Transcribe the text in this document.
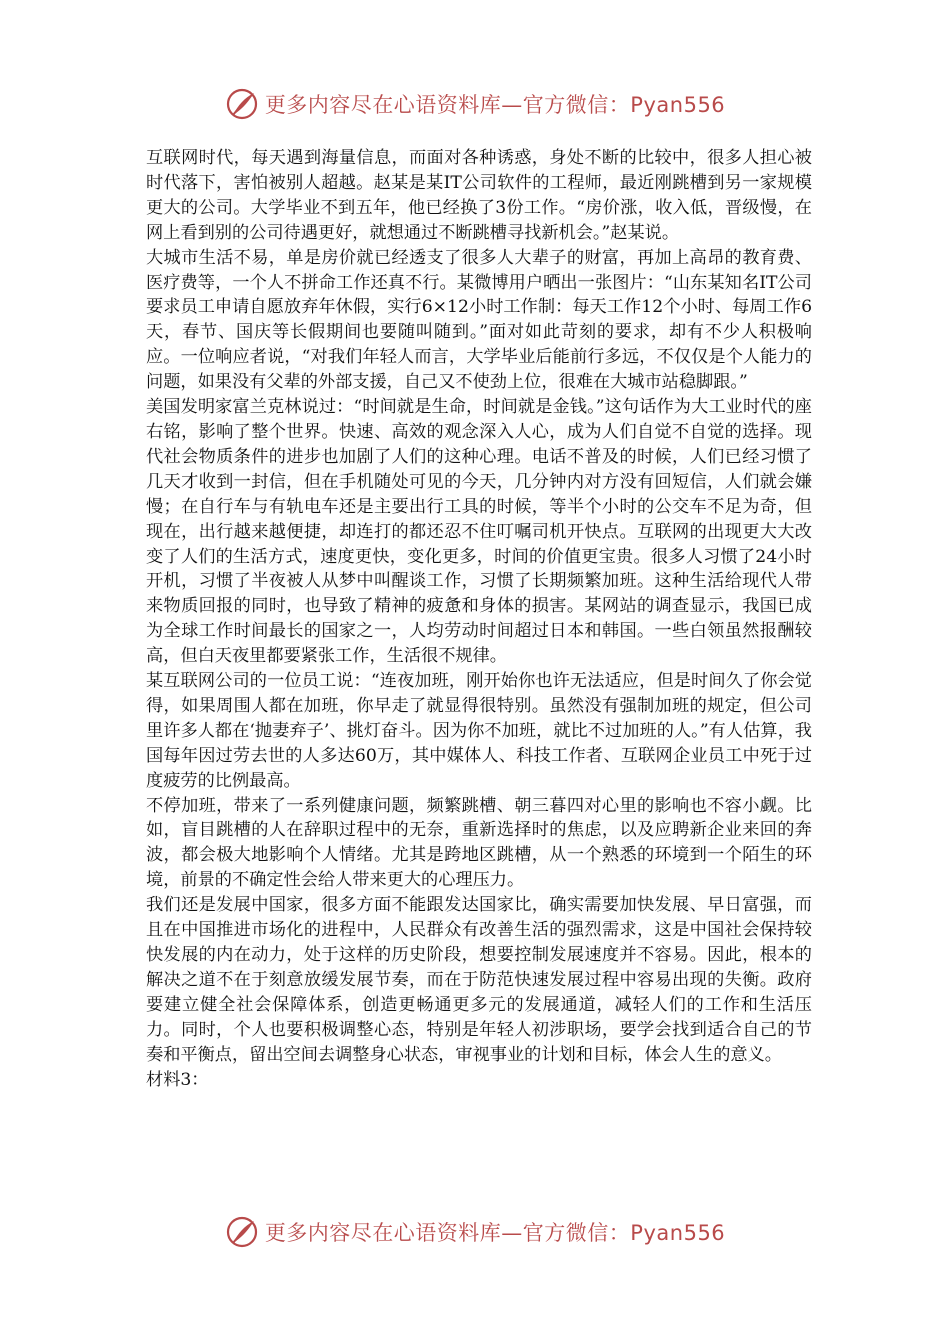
更多内容尽在心语资料库—官方微信：Pyan556

互联网时代，每天遇到海量信息，而面对各种诱惑，身处不断的比较中，很多人担心被时代落下，害怕被别人超越。赵某是某IT公司软件的工程师，最近刚跳槽到另一家规模更大的公司。大学毕业不到五年，他已经换了3份工作。“房价涨，收入低，晋级慢，在网上看到别的公司待遇更好，就想通过不断跳槽寻找新机会。”赵某说。

大城市生活不易，单是房价就已经透支了很多人大辈子的财富，再加上高昂的教育费、医疗费等，一个人不拼命工作还真不行。某微博用户晒出一张图片：“山东某知名IT公司要求员工申请自愿放弃年休假，实行6×12小时工作制：每天工作12个小时、每周工作6天，春节、国庆等长假期间也要随叫随到。”面对如此苛刻的要求，却有不少人积极响应。一位响应者说，“对我们年轻人而言，大学毕业后能前行多远，不仅仅是个人能力的问题，如果没有父辈的外部支援，自己又不使劲上位，很难在大城市站稳脚跟。”

美国发明家富兰克林说过：“时间就是生命，时间就是金钱。”这句话作为大工业时代的座右铭，影响了整个世界。快速、高效的观念深入人心，成为人们自觉不自觉的选择。现代社会物质条件的进步也加剧了人们的这种心理。电话不普及的时候，人们已经习惯了几天才收到一封信，但在手机随处可见的今天，几分钟内对方没有回短信，人们就会嫌慢；在自行车与有轨电车还是主要出行工具的时候，等半个小时的公交车不足为奇，但现在，出行越来越便捷，却连打的都还忍不住叮嘱司机开快点。互联网的出现更大大改变了人们的生活方式，速度更快，变化更多，时间的价值更宝贵。很多人习惯了24小时开机，习惯了半夜被人从梦中叫醒谈工作，习惯了长期频繁加班。这种生活给现代人带来物质回报的同时，也导致了精神的疲惫和身体的损害。某网站的调查显示，我国已成为全球工作时间最长的国家之一，人均劳动时间超过日本和韩国。一些白领虽然报酬较高，但白天夜里都要紧张工作，生活很不规律。

某互联网公司的一位员工说：“连夜加班，刚开始你也许无法适应，但是时间久了你会觉得，如果周围人都在加班，你早走了就显得很特别。虽然没有强制加班的规定，但公司里许多人都在‘抛妻弃子’、挑灯奋斗。因为你不加班，就比不过加班的人。”有人估算，我国每年因过劳去世的人多达60万，其中媒体人、科技工作者、互联网企业员工中死于过度疲劳的比例最高。

不停加班，带来了一系列健康问题，频繁跳槽、朝三暮四对心里的影响也不容小觑。比如，盲目跳槽的人在辞职过程中的无奈，重新选择时的焦虑，以及应聘新企业来回的奔波，都会极大地影响个人情绪。尤其是跨地区跳槽，从一个熟悉的环境到一个陌生的环境，前景的不确定性会给人带来更大的心理压力。

我们还是发展中国家，很多方面不能跟发达国家比，确实需要加快发展、早日富强，而且在中国推进市场化的进程中，人民群众有改善生活的强烈需求，这是中国社会保持较快发展的内在动力，处于这样的历史阶段，想要控制发展速度并不容易。因此，根本的解决之道不在于刻意放缓发展节奏，而在于防范快速发展过程中容易出现的失衡。政府要建立健全社会保障体系，创造更畅通更多元的发展通道，减轻人们的工作和生活压力。同时，个人也要积极调整心态，特别是年轻人初涉职场，要学会找到适合自己的节奏和平衡点，留出空间去调整身心状态，审视事业的计划和目标，体会人生的意义。

材料3：

更多内容尽在心语资料库—官方微信：Pyan556
